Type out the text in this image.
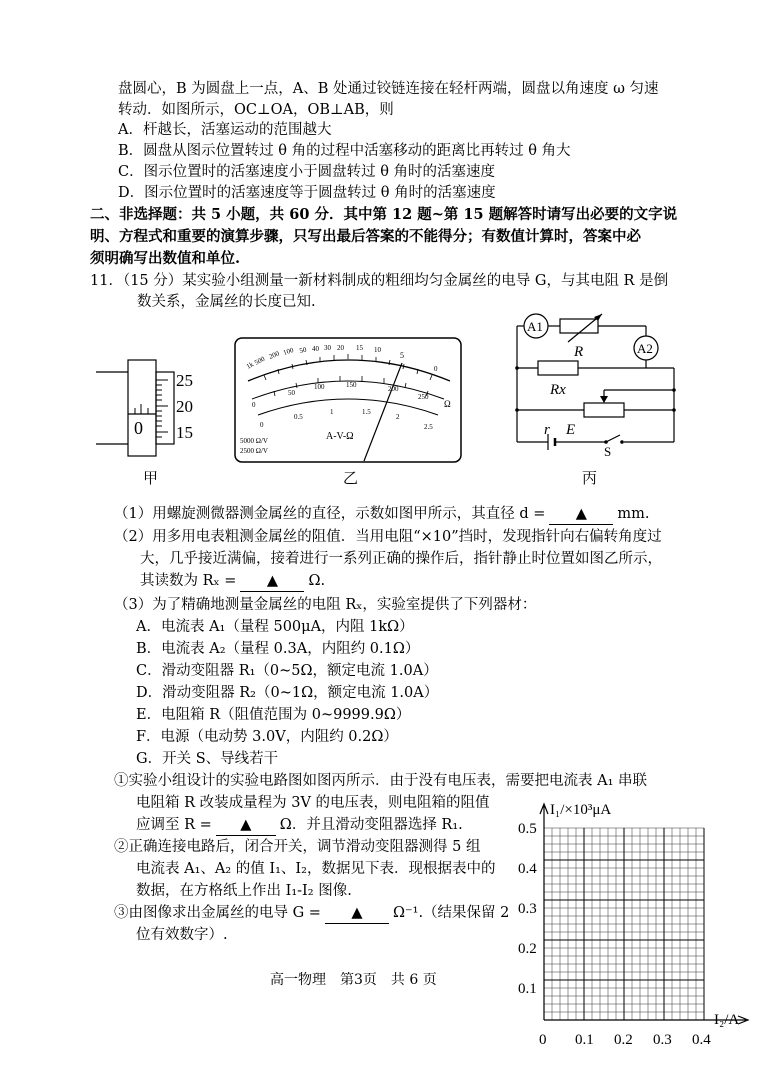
盘圆心，B 为圆盘上一点，A、B 处通过铰链连接在轻杆两端，圆盘以角速度 ω 匀速
转动．如图所示，OC⊥OA，OB⊥AB，则
A．杆越长，活塞运动的范围越大
B．圆盘从图示位置转过 θ 角的过程中活塞移动的距离比再转过 θ 角大
C．图示位置时的活塞速度小于圆盘转过 θ 角时的活塞速度
D．图示位置时的活塞速度等于圆盘转过 θ 角时的活塞速度
二、非选择题：共 5 小题，共 60 分．其中第 12 题~第 15 题解答时请写出必要的文字说
明、方程式和重要的演算步骤，只写出最后答案的不能得分；有数值计算时，答案中必
须明确写出数值和单位.
11．（15 分）某实验小组测量一新材料制成的粗细均匀金属丝的电导 G，与其电阻 R 是倒
数关系，金属丝的长度已知.
0
25
20
15
甲
1k
500 200 100 50 40 30 20 15 10
5
0
Ω
0
50
100	150	200
250
0
0.5
1	1.5
2
2.5
A-V-Ω
5000 Ω/V
2500 Ω/V
乙
A1
R	A2
Rx
r E
S
丙
（1）用螺旋测微器测金属丝的直径，示数如图甲所示，其直径 d = ▲ mm.
（2）用多用电表粗测金属丝的阻值．当用电阻“×10”挡时，发现指针向右偏转角度过
大，几乎接近满偏，接着进行一系列正确的操作后，指针静止时位置如图乙所示，
其读数为 Rₓ = ▲ Ω.
（3）为了精确地测量金属丝的电阻 Rₓ，实验室提供了下列器材：
A．电流表 A₁（量程 500μA，内阻 1kΩ）
B．电流表 A₂（量程 0.3A，内阻约 0.1Ω）
C．滑动变阻器 R₁（0~5Ω，额定电流 1.0A）
D．滑动变阻器 R₂（0~1Ω，额定电流 1.0A）
E．电阻箱 R（阻值范围为 0~9999.9Ω）
F．电源（电动势 3.0V，内阻约 0.2Ω）
G．开关 S、导线若干
①实验小组设计的实验电路图如图丙所示．由于没有电压表，需要把电流表 A₁ 串联
电阻箱 R 改装成量程为 3V 的电压表，则电阻箱的阻值
应调至 R = ▲ Ω．并且滑动变阻器选择 R₁.
②正确连接电路后，闭合开关，调节滑动变阻器测得 5 组
电流表 A₁、A₂ 的值 I₁、I₂，数据见下表．现根据表中的
数据，在方格纸上作出 I₁-I₂ 图像.
③由图像求出金属丝的电导 G = ▲ Ω⁻¹.（结果保留 2
位有效数字）.
I₁/×10³μA
I₂/A
0.5
0.4
0.3
0.2
0.1
0 0.1 0.2 0.3 0.4
高一物理　第3页　共 6 页
